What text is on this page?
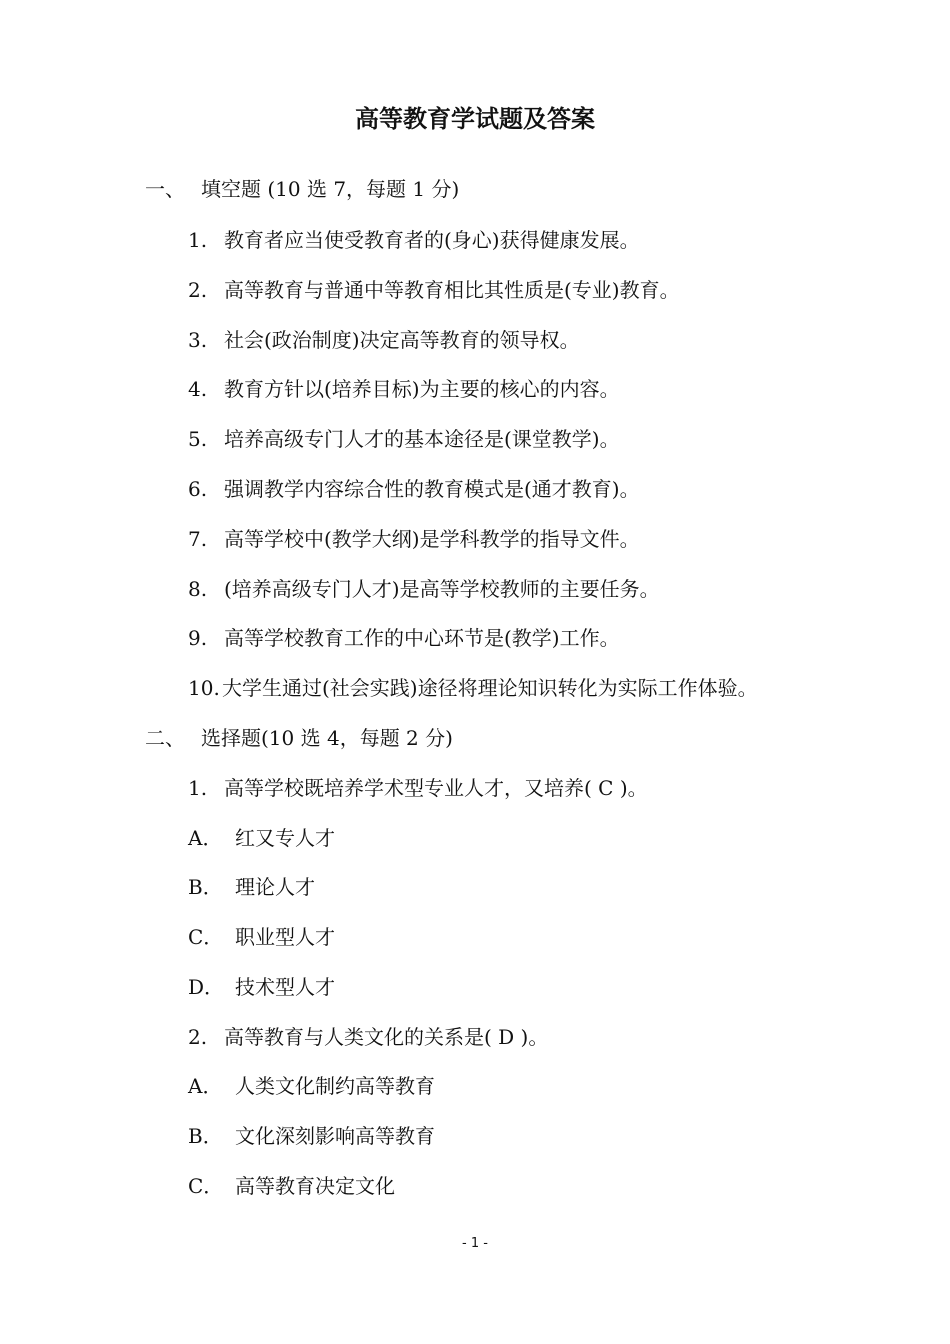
高等教育学试题及答案

一、 填空题 (10 选 7，每题 1 分)

1. 教育者应当使受教育者的(身心)获得健康发展。

2. 高等教育与普通中等教育相比其性质是(专业)教育。

3. 社会(政治制度)决定高等教育的领导权。

4. 教育方针以(培养目标)为主要的核心的内容。

5. 培养高级专门人才的基本途径是(课堂教学)。

6. 强调教学内容综合性的教育模式是(通才教育)。

7. 高等学校中(教学大纲)是学科教学的指导文件。

8. (培养高级专门人才)是高等学校教师的主要任务。

9. 高等学校教育工作的中心环节是(教学)工作。

10. 大学生通过(社会实践)途径将理论知识转化为实际工作体验。

二、 选择题(10 选 4，每题 2 分)

1. 高等学校既培养学术型专业人才，又培养( C )。

A． 红又专人才

B． 理论人才

C． 职业型人才

D． 技术型人才

2. 高等教育与人类文化的关系是( D )。

A． 人类文化制约高等教育

B． 文化深刻影响高等教育

C． 高等教育决定文化

- 1 -
